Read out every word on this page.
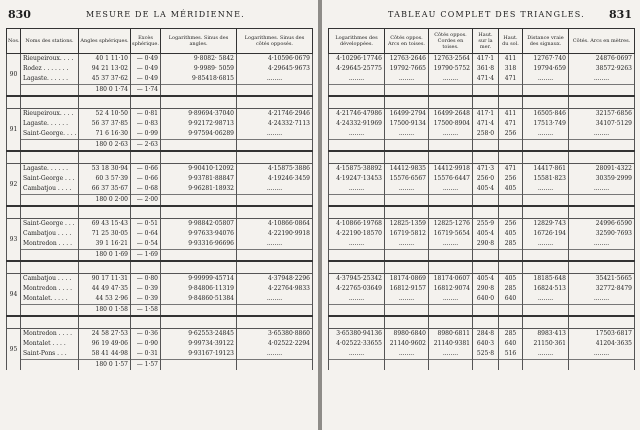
830	MESURE DE LA MÉRIDIENNE.
Nos.	Noms des stations.	Angles sphériques.	Excès sphérique.	Logarithmes. Sinus des angles.	Logarithmes. Sinus des côtés opposés.
90	Rieupeiroux. . . .	40 1 11·10	— 0·49	9·8082· 5842	4·10596·0679
	Rodez . . . . . . .	94 21 13·02	— 0·49	9·9989· 5059	4·29645·9673
	Lagaste. . . . . .	45 37 37·62	— 0·49	9·85418·6815	........
		180 0 1·74	— 1·74		

91	Rieupeiroux. . . .	52 4 10·50	— 0·81	9·89694·37040	4·21746·2946
	Lagaste. . . . . .	56 37 37·85	— 0·83	9·92172·98713	4·24332·7113
	Saint-George. . . .	71 6 16·30	— 0·99	9·97594·06289	........
		180 0 2·63	— 2·63		

92	Lagaste. . . . . .	53 18 30·94	— 0·66	9·90410·12092	4·15875·3886
	Saint-George . . .	60 3 57·39	— 0·66	9·93781·88847	4·19246·3459
	Cambatjou . . . .	66 37 35·67	— 0·68	9·96281·18932	........
		180 0 2·00	— 2·00		

93	Saint-George . . .	69 43 15·43	— 0·51	9·98842·05807	4·10866·0864
	Cambatjou . . . .	71 25 30·05	— 0·64	9·97633·94076	4·22190·9918
	Montredon . . . .	39 1 16·21	— 0·54	9·93316·96696	........
		180 0 1·69	— 1·69		

94	Cambatjou . . . .	90 17 11·31	— 0·80	9·99999·45714	4·37948·2296
	Montredon . . . .	44 49 47·35	— 0·39	9·84806·11319	4·22764·9833
	Montalet. . . . .	44 53 2·96	— 0·39	9·84860·51384	........
		180 0 1·58	— 1·58		

95	Montredon . . . .	24 58 27·53	— 0·36	9·62553·24845	3·65380·8860
	Montalet . . . .	96 19 49·06	— 0·90	9·99734·39122	4·02522·2294
	Saint-Pons . . .	58 41 44·98	— 0·31	9·93167·19123	........
		180 0 1·57	— 1·57		
TABLEAU COMPLET DES TRIANGLES. 831
Logarithmes des développées.	Côtés oppos. Arcs en toises.	Côtés oppos. Cordes en toises.	Haut. sur la mer.	Haut. du sol.	Distance vraie des signaux.	Côtés. Arcs en mètres.
4·10296·17746	12763·2646	12763·2564	417·1	411	12767·740	24876·0697
4·29645·25775	19792·7665	19790·5752	361·8	318	19794·659	38572·9263
........	........	........	471·4	471	........	........

4·21746·47986	16499·2794	16499·2648	417·1	411	16505·846	32157·6856
4·24332·91969	17500·9134	17500·8904	471·4	471	17513·749	34107·5129
........	........	........	258·0	256	........	........

4·15875·38892	14412·9835	14412·9918	471·3	471	14417·861	28091·4322
4·19247·13453	15576·6567	15576·6447	256·0	256	15581·823	30359·2999
........	........	........	405·4	405	........	........

4·10866·19768	12825·1359	12825·1276	255·9	256	12829·743	24996·6590
4·22190·18570	16719·5812	16719·5654	405·4	405	16726·194	32590·7693
........	........	........	290·8	285	........	........

4·37945·25342	18174·0869	18174·0607	405·4	405	18185·648	35421·5665
4·22765·03649	16812·9157	16812·9074	290·8	285	16824·513	32772·8479
........	........	........	640·0	640	........	........

3·65380·94136	8980·6840	8980·6811	284·8	285	8983·413	17503·6817
4·02522·33655	21140·9602	21140·9381	640·3	640	21150·361	41204·3635
........	........	........	525·8	516	........	........
